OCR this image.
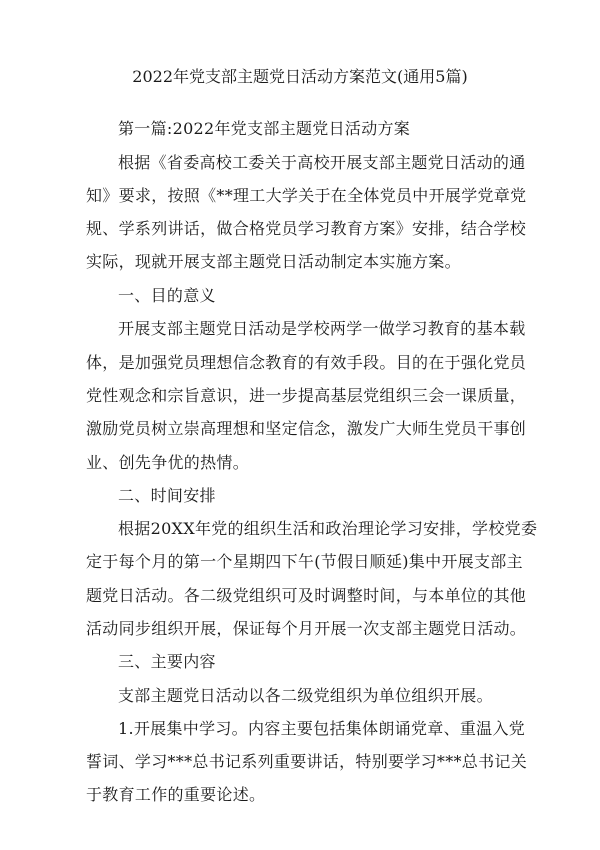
2022年党支部主题党日活动方案范文(通用5篇)
第一篇:2022年党支部主题党日活动方案
根据《省委高校工委关于高校开展支部主题党日活动的通
知》要求，按照《**理工大学关于在全体党员中开展学党章党
规、学系列讲话，做合格党员学习教育方案》安排，结合学校
实际，现就开展支部主题党日活动制定本实施方案。
一、目的意义
开展支部主题党日活动是学校两学一做学习教育的基本载
体，是加强党员理想信念教育的有效手段。目的在于强化党员
党性观念和宗旨意识，进一步提高基层党组织三会一课质量，
激励党员树立崇高理想和坚定信念，激发广大师生党员干事创
业、创先争优的热情。
二、时间安排
根据20XX年党的组织生活和政治理论学习安排，学校党委
定于每个月的第一个星期四下午(节假日顺延)集中开展支部主
题党日活动。各二级党组织可及时调整时间，与本单位的其他
活动同步组织开展，保证每个月开展一次支部主题党日活动。
三、主要内容
支部主题党日活动以各二级党组织为单位组织开展。
1.开展集中学习。内容主要包括集体朗诵党章、重温入党
誓词、学习***总书记系列重要讲话，特别要学习***总书记关
于教育工作的重要论述。
